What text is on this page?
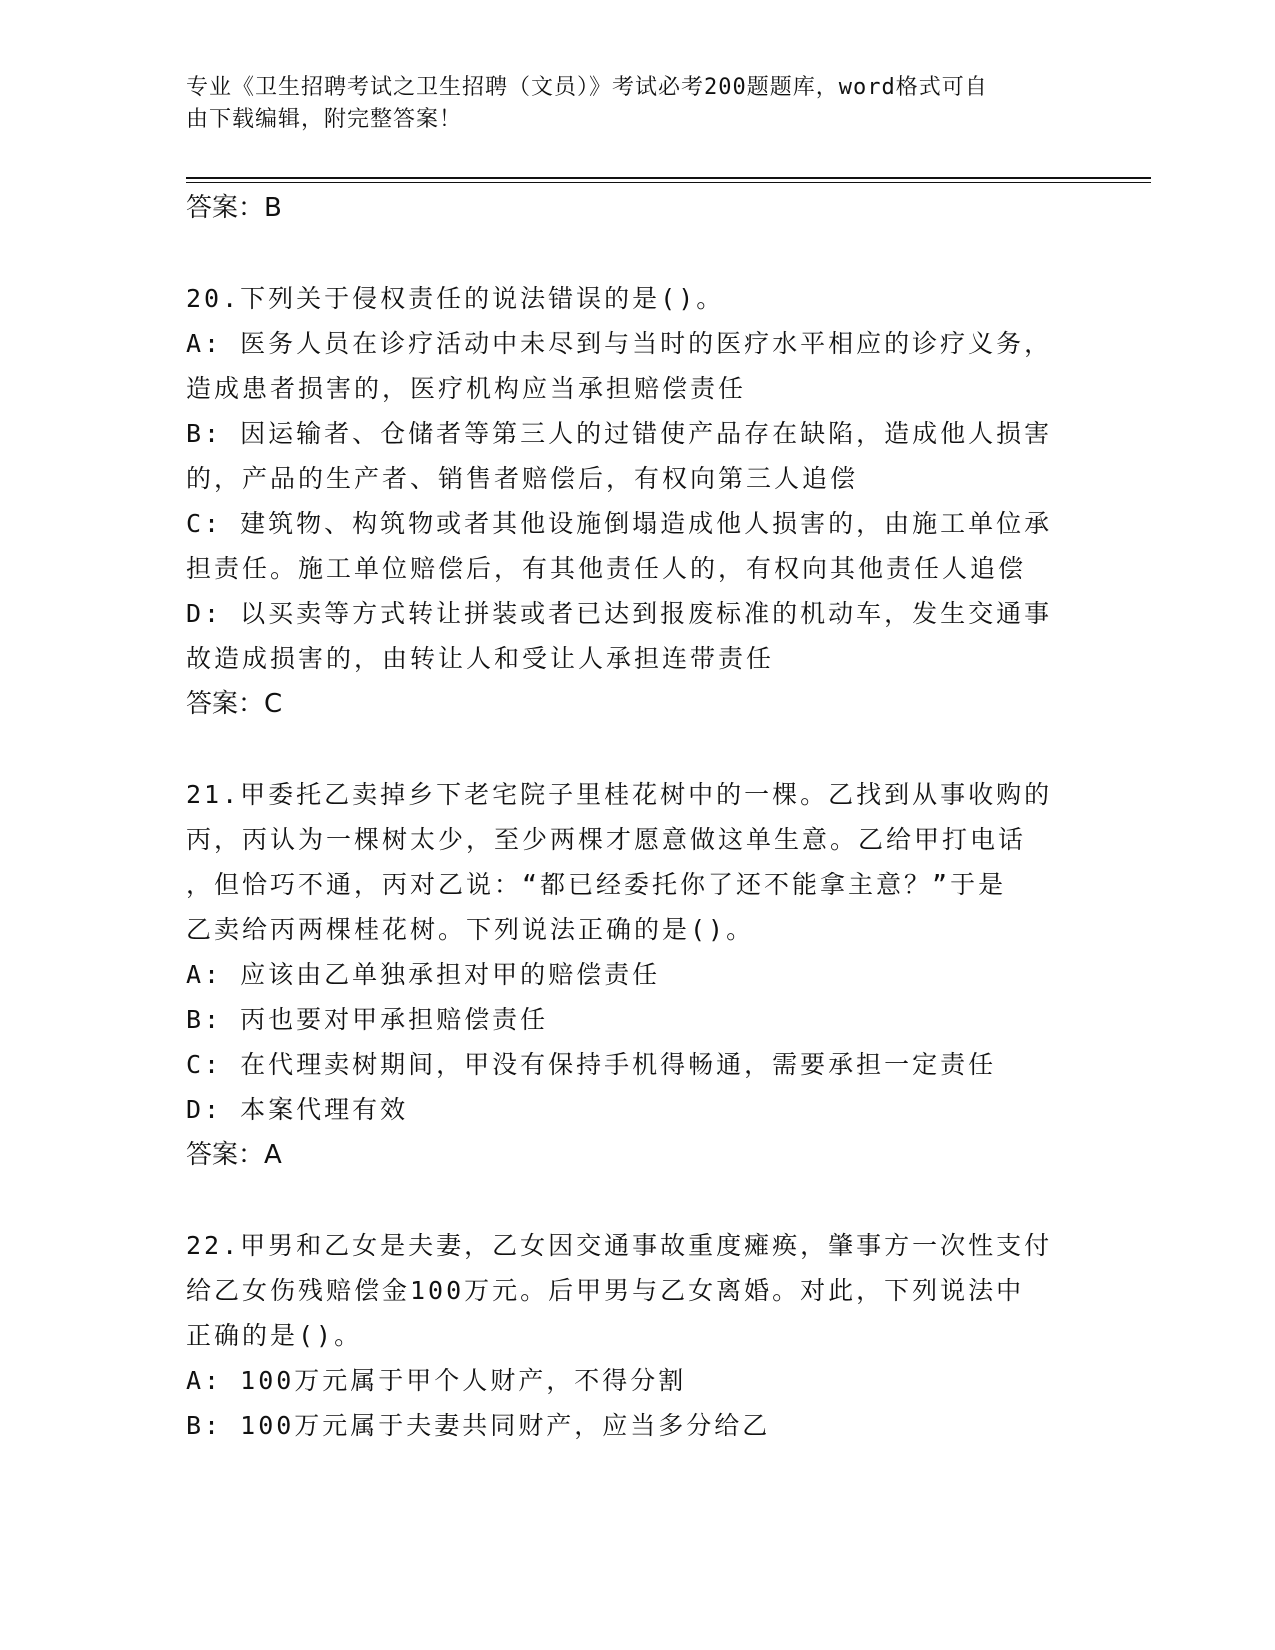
专业《卫生招聘考试之卫生招聘（文员）》考试必考200题题库，word格式可自
由下载编辑，附完整答案！

答案：B

20.下列关于侵权责任的说法错误的是()。

A: 医务人员在诊疗活动中未尽到与当时的医疗水平相应的诊疗义务，

造成患者损害的，医疗机构应当承担赔偿责任

B: 因运输者、仓储者等第三人的过错使产品存在缺陷，造成他人损害

的，产品的生产者、销售者赔偿后，有权向第三人追偿

C: 建筑物、构筑物或者其他设施倒塌造成他人损害的，由施工单位承

担责任。施工单位赔偿后，有其他责任人的，有权向其他责任人追偿

D: 以买卖等方式转让拼装或者已达到报废标准的机动车，发生交通事

故造成损害的，由转让人和受让人承担连带责任

答案：C

21.甲委托乙卖掉乡下老宅院子里桂花树中的一棵。乙找到从事收购的

丙，丙认为一棵树太少，至少两棵才愿意做这单生意。乙给甲打电话

，但恰巧不通，丙对乙说：“都已经委托你了还不能拿主意？”于是

乙卖给丙两棵桂花树。下列说法正确的是()。

A: 应该由乙单独承担对甲的赔偿责任

B: 丙也要对甲承担赔偿责任

C: 在代理卖树期间，甲没有保持手机得畅通，需要承担一定责任

D: 本案代理有效

答案：A

22.甲男和乙女是夫妻，乙女因交通事故重度瘫痪，肇事方一次性支付

给乙女伤残赔偿金100万元。后甲男与乙女离婚。对此，下列说法中

正确的是()。

A: 100万元属于甲个人财产，不得分割

B: 100万元属于夫妻共同财产，应当多分给乙
